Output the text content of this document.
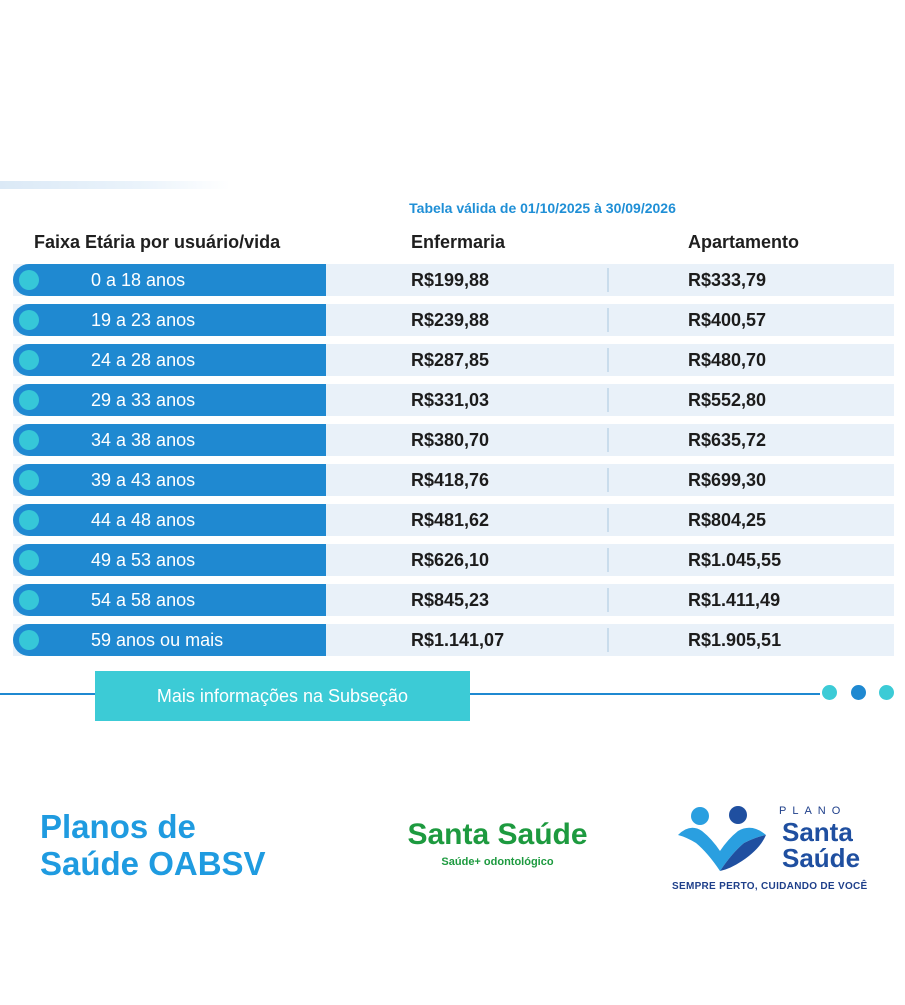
Tabela válida de 01/10/2025 à 30/09/2026
Faixa Etária por usuário/vida	Enfermaria	Apartamento
0 a 18 anos	R$199,88	R$333,79
19 a 23 anos	R$239,88	R$400,57
24 a 28 anos	R$287,85	R$480,70
29 a 33 anos	R$331,03	R$552,80
34 a 38 anos	R$380,70	R$635,72
39 a 43 anos	R$418,76	R$699,30
44 a 48 anos	R$481,62	R$804,25
49 a 53 anos	R$626,10	R$1.045,55
54 a 58 anos	R$845,23	R$1.411,49
59 anos ou mais	R$1.141,07	R$1.905,51
Mais informações na Subseção
Planos de
Saúde OABSV
Santa Saúde
Saúde+ odontológico
PLANO
Santa
Saúde
SEMPRE PERTO, CUIDANDO DE VOCÊ
